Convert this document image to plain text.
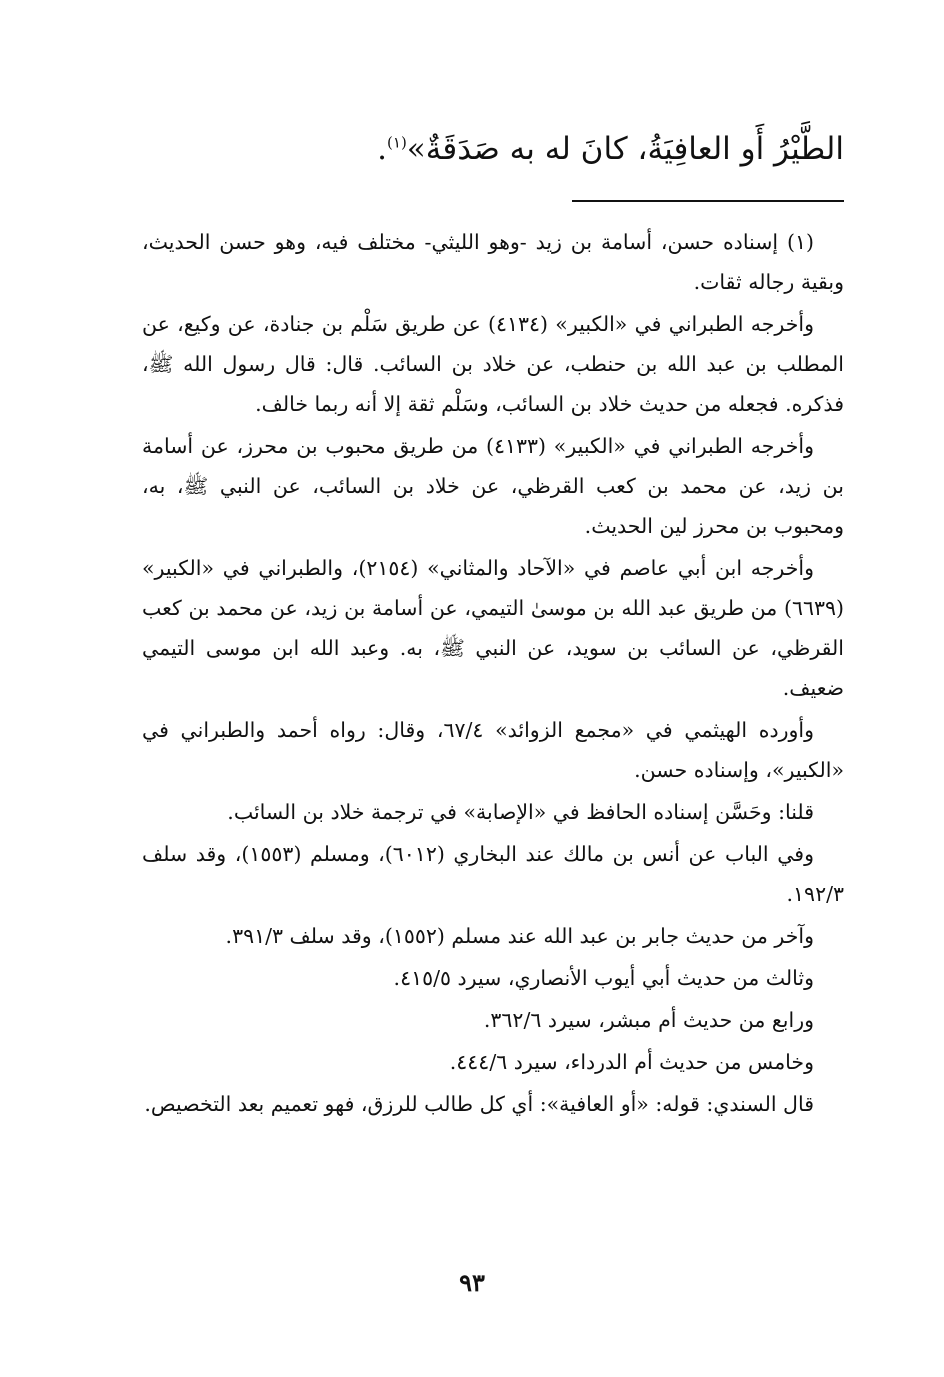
الطَّيْرُ أَو العافِيَةُ، كانَ له به صَدَقَةٌ»$^{(١)}$.

(١) إسناده حسن، أسامة بن زيد -وهو الليثي- مختلف فيه، وهو حسن الحديث، وبقية رجاله ثقات.

وأخرجه الطبراني في «الكبير» (٤١٣٤) عن طريق سَلْم بن جنادة، عن وكيع، عن المطلب بن عبد الله بن حنطب، عن خلاد بن السائب. قال: قال رسول الله ﷺ، فذكره. فجعله من حديث خلاد بن السائب، وسَلْم ثقة إلا أنه ربما خالف.

وأخرجه الطبراني في «الكبير» (٤١٣٣) من طريق محبوب بن محرز، عن أسامة بن زيد، عن محمد بن كعب القرظي، عن خلاد بن السائب، عن النبي ﷺ، به، ومحبوب بن محرز لين الحديث.

وأخرجه ابن أبي عاصم في «الآحاد والمثاني» (٢١٥٤)، والطبراني في «الكبير» (٦٦٣٩) من طريق عبد الله بن موسىٰ التيمي، عن أسامة بن زيد، عن محمد بن كعب القرظي، عن السائب بن سويد، عن النبي ﷺ، به. وعبد الله ابن موسى التيمي ضعيف.

وأورده الهيثمي في «مجمع الزوائد» ٦٧/٤، وقال: رواه أحمد والطبراني في «الكبير»، وإسناده حسن.

قلنا: وحَسَّن إسناده الحافظ في «الإصابة» في ترجمة خلاد بن السائب.

وفي الباب عن أنس بن مالك عند البخاري (٦٠١٢)، ومسلم (١٥٥٣)، وقد سلف ١٩٢/٣.

وآخر من حديث جابر بن عبد الله عند مسلم (١٥٥٢)، وقد سلف ٣٩١/٣.

وثالث من حديث أبي أيوب الأنصاري، سيرد ٤١٥/٥.

ورابع من حديث أم مبشر، سيرد ٣٦٢/٦.

وخامس من حديث أم الدرداء، سيرد ٤٤٤/٦.

قال السندي: قوله: «أو العافية»: أي كل طالب للرزق، فهو تعميم بعد التخصيص.

٩٣
